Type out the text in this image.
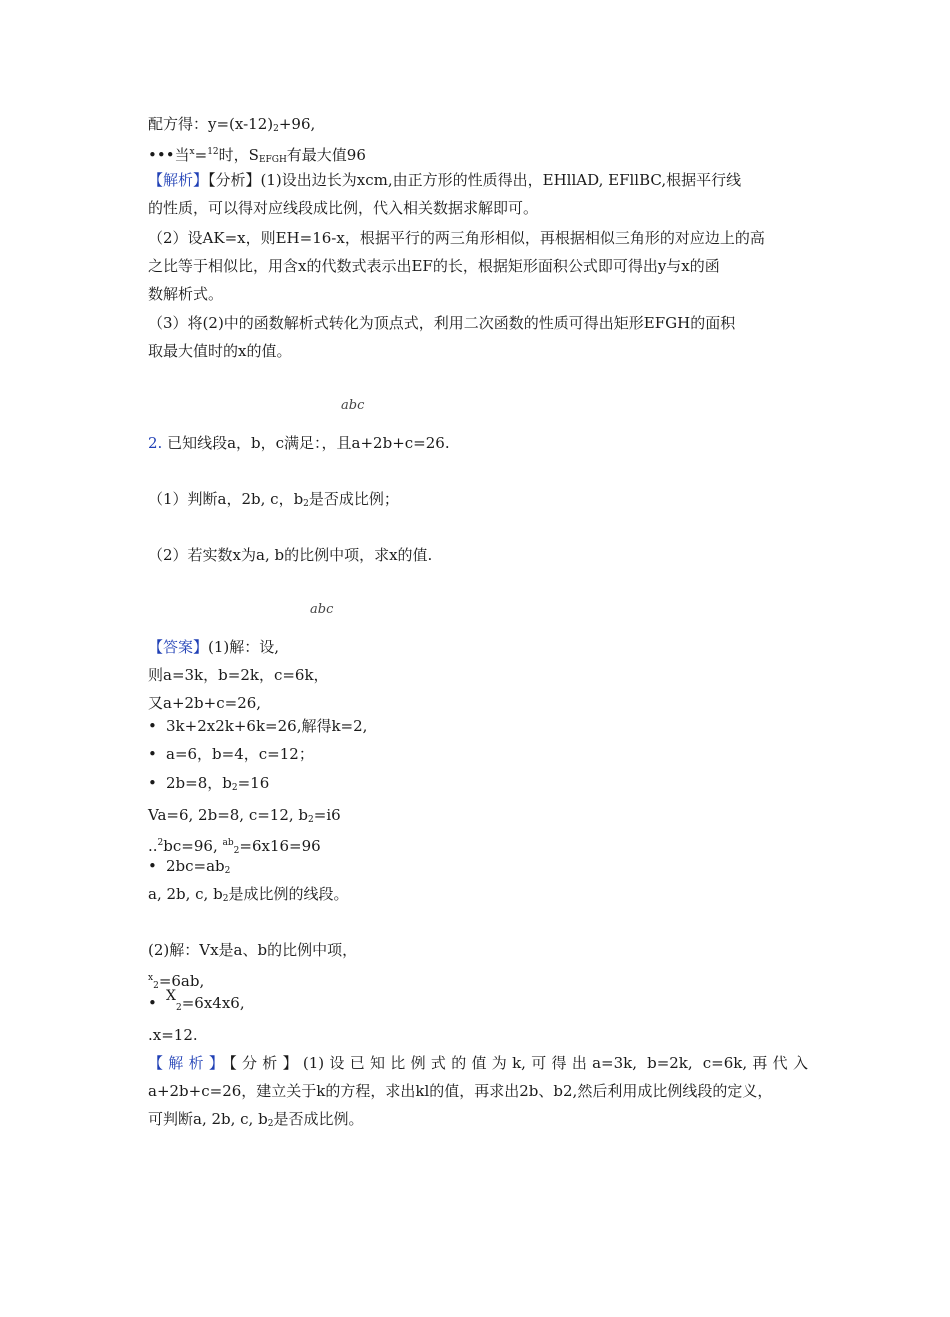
配方得：$y=(x-12)_2+96$,
•••当$^x$=$^{12}$时，$S_{EFGH}$有最大值96
【解析】【分析】(1)设出边长为xcm,由正方形的性质得出，EHllAD, EFllBC,根据平行线
的性质，可以得对应线段成比例，代入相关数据求解即可。
（2）设AK=x，则EH=16-x，根据平行的两三角形相似，再根据相似三角形的对应边上的高
之比等于相似比，用含x的代数式表示出EF的长，根据矩形面积公式即可得出y与x的函
数解析式。
（3）将(2)中的函数解析式转化为顶点式，利用二次函数的性质可得出矩形EFGH的面积
取最大值时的x的值。
abc
2. 已知线段a，b，c满足：，且a+2b+c=26.
（1）判断a，2b, c，$b_2$是否成比例；
（2）若实数x为a, b的比例中项，求x的值.
abc
【答案】(1)解：设,
则a=3k，b=2k，c=6k，
又a+2b+c=26,
• 3k+2x2k+6k=26,解得k=2,
• a=6，b=4，c=12；
• 2b=8，$b_2=16$
Va=6, 2b=8, c=12, $b_2=i6$
..$^2$bc=96, $^{ab}_2$=6x16=96
• $2bc=ab_2$
a, 2b, c, $b_2$是成比例的线段。
(2)解：Vx是a、b的比例中项，
$^x_2$=6ab,
• $X_2=6x4x6$,
.x=12.
【解析】【分析】(1)设已知比例式的值为k,可得出a=3k, b=2k, c=6k,再代入
a+2b+c=26，建立关于k的方程，求出kl的值，再求出2b、b2,然后利用成比例线段的定义，
可判断a, 2b, c, $b_2$是否成比例。
